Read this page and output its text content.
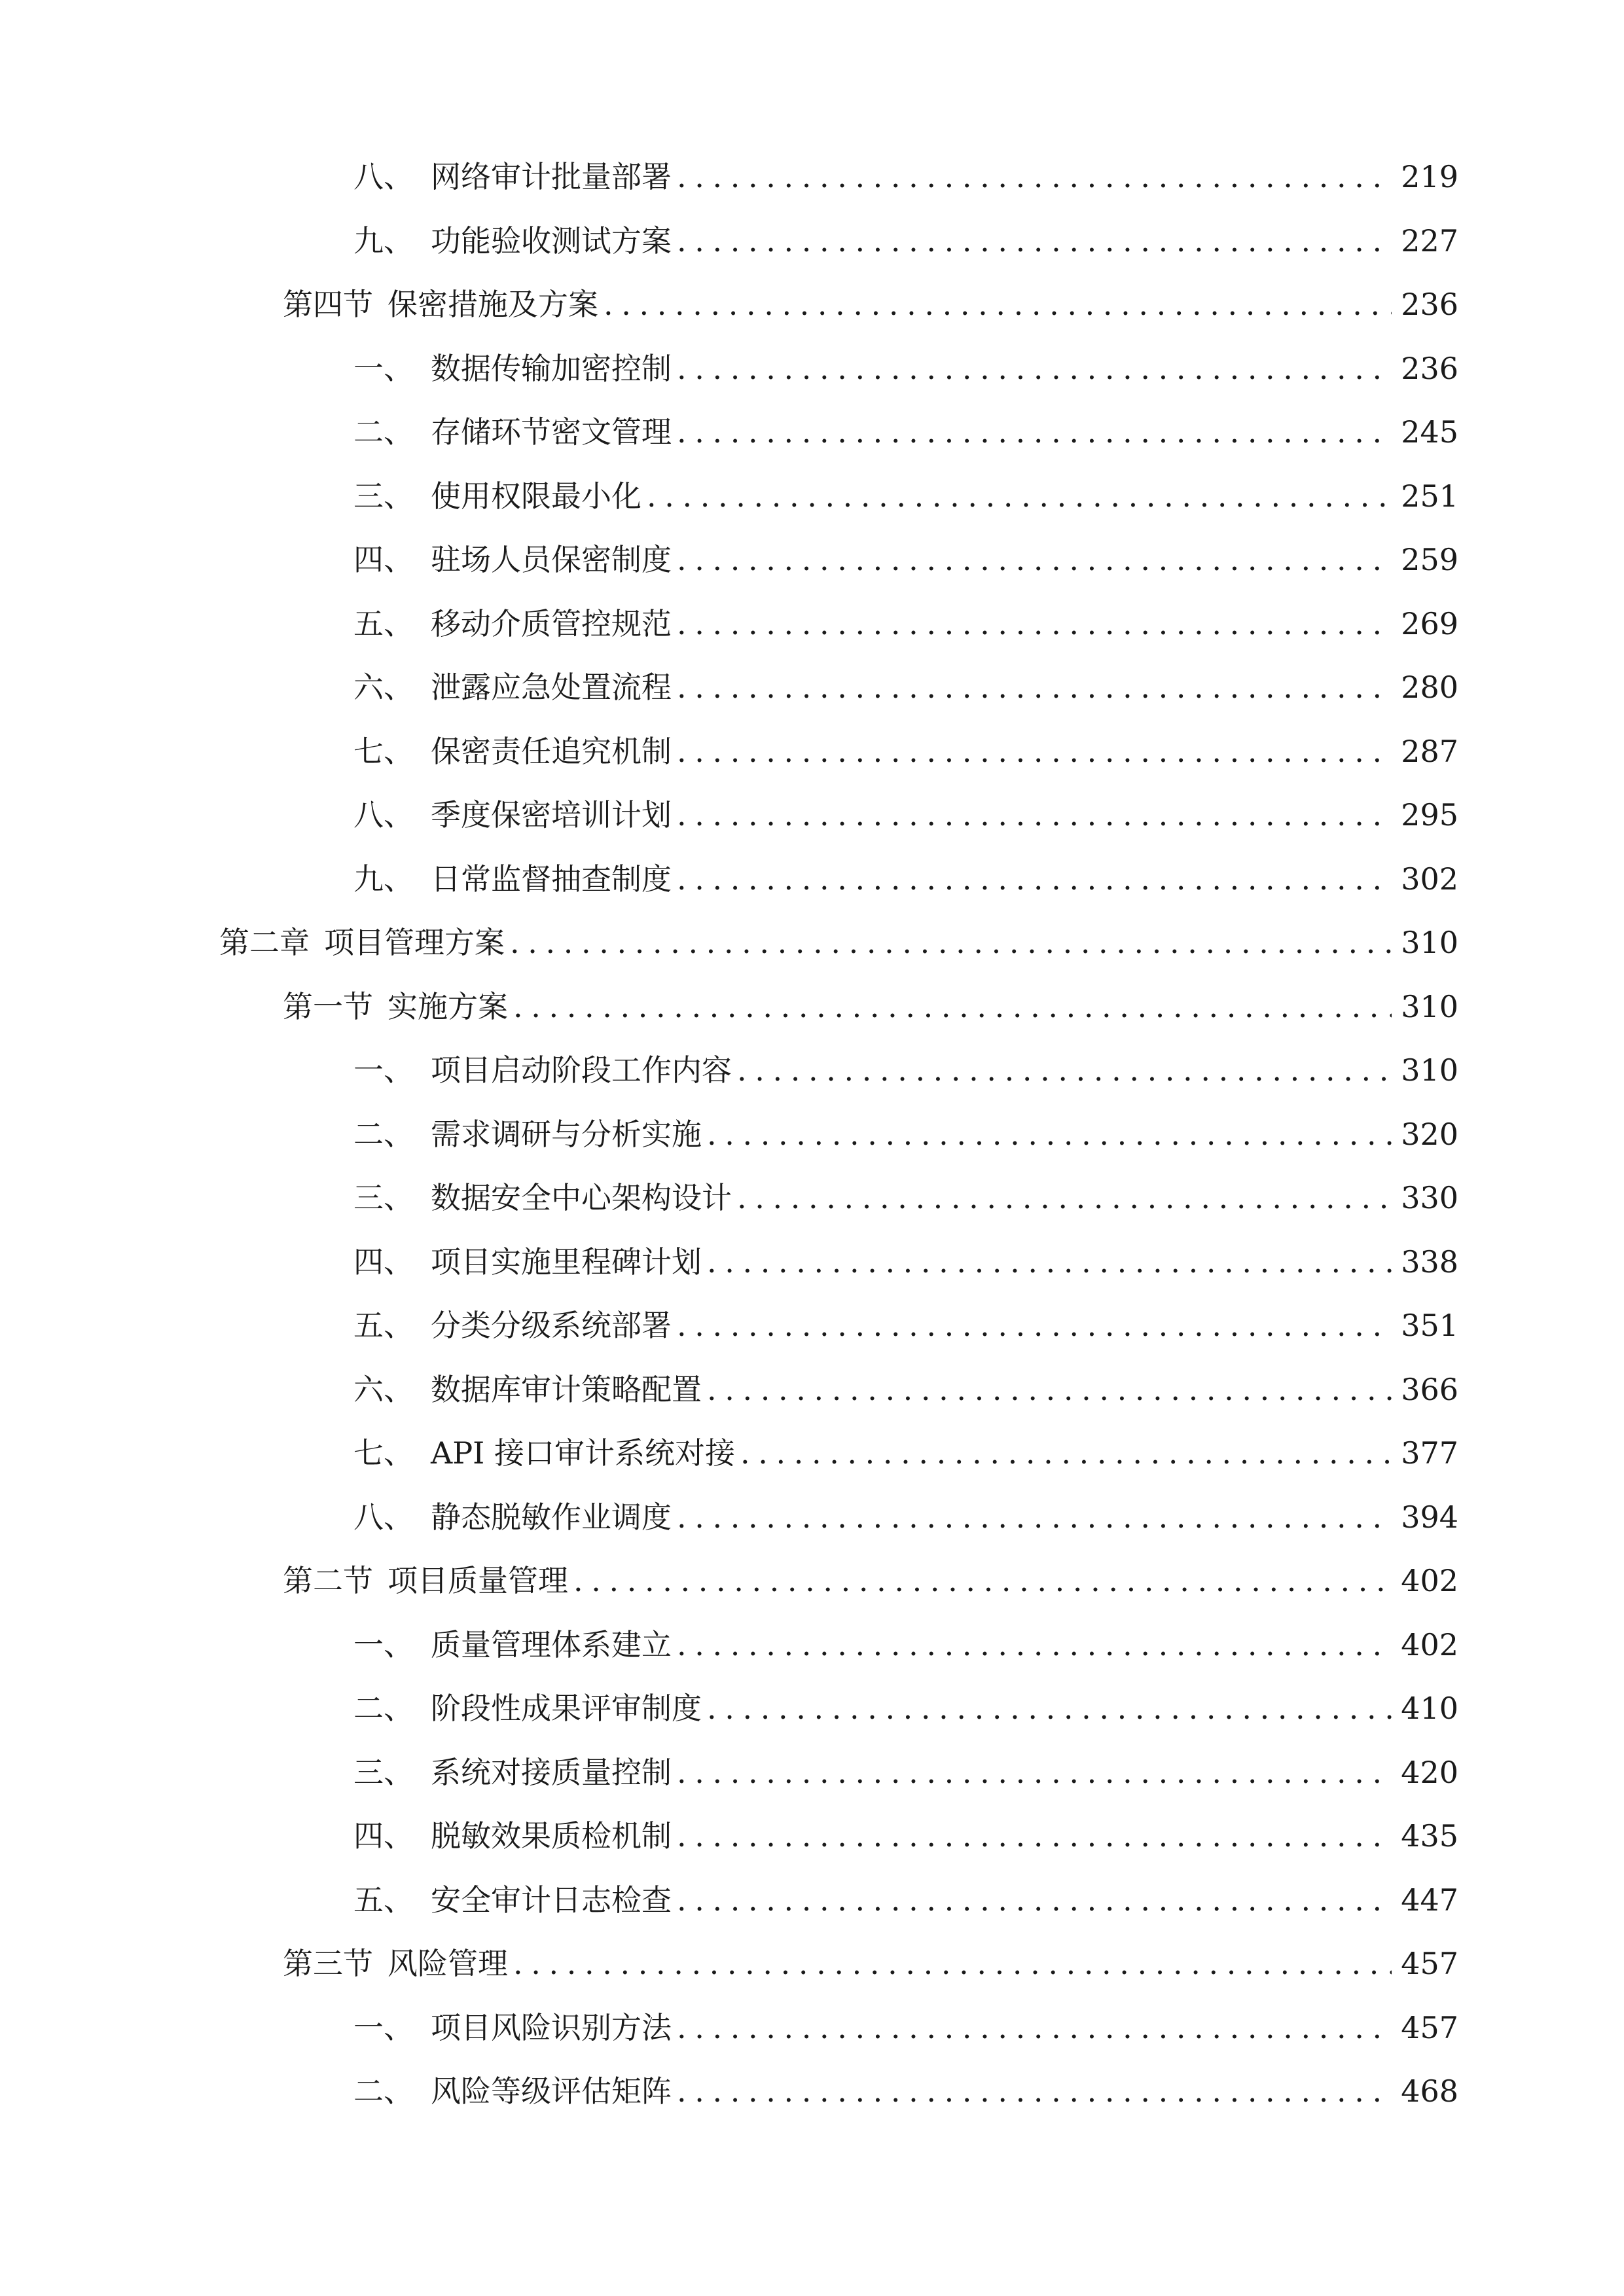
八、 网络审计批量部署 . . .	219
九、 功能验收测试方案 . . .	227
第四节 保密措施及方案 . . .	236
一、 数据传输加密控制 . . .	236
二、 存储环节密文管理 . . .	245
三、 使用权限最小化 . . .	251
四、 驻场人员保密制度 . . .	259
五、 移动介质管控规范 . . .	269
六、 泄露应急处置流程 . . .	280
七、 保密责任追究机制 . . .	287
八、 季度保密培训计划 . . .	295
九、 日常监督抽查制度 . . .	302
第二章 项目管理方案 . . .	310
第一节 实施方案 . . .	310
一、 项目启动阶段工作内容 . . .	310
二、 需求调研与分析实施 . . .	320
三、 数据安全中心架构设计 . . .	330
四、 项目实施里程碑计划 . . .	338
五、 分类分级系统部署 . . .	351
六、 数据库审计策略配置 . . .	366
七、 API 接口审计系统对接 . . .	377
八、 静态脱敏作业调度 . . .	394
第二节 项目质量管理 . . .	402
一、 质量管理体系建立 . . .	402
二、 阶段性成果评审制度 . . .	410
三、 系统对接质量控制 . . .	420
四、 脱敏效果质检机制 . . .	435
五、 安全审计日志检查 . . .	447
第三节 风险管理 . . .	457
一、 项目风险识别方法 . . .	457
二、 风险等级评估矩阵 . . .	468
